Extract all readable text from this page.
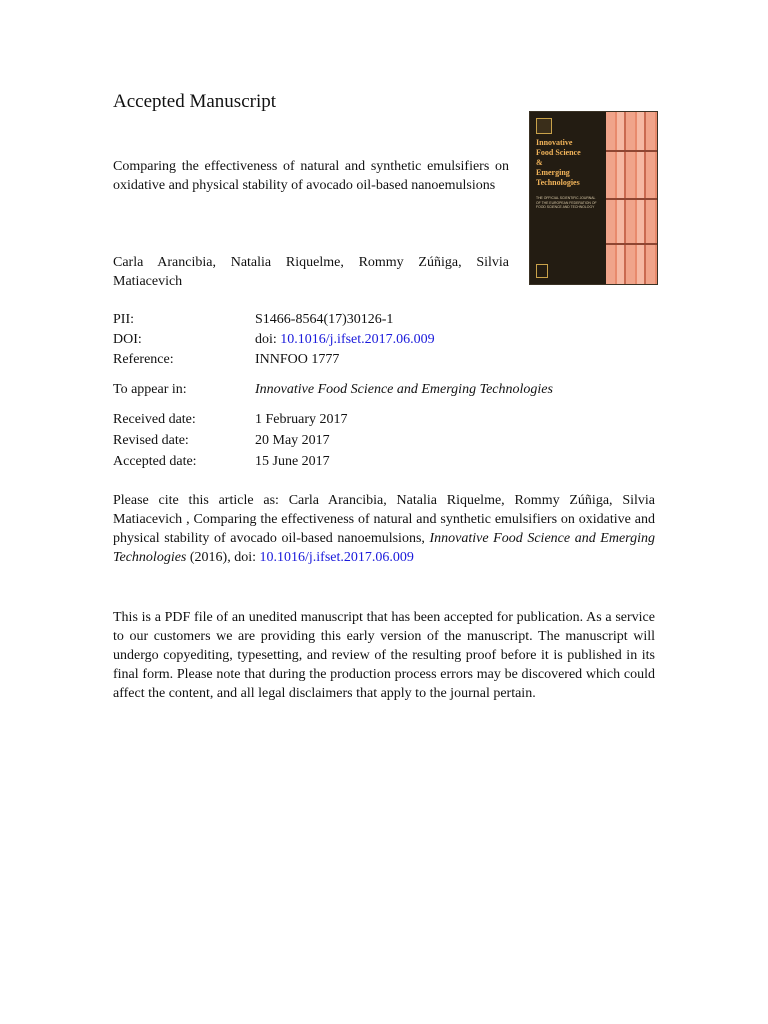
Accepted Manuscript

Comparing the effectiveness of natural and synthetic emulsifiers on oxidative and physical stability of avocado oil-based nanoemulsions

Carla Arancibia, Natalia Riquelme, Rommy Zúñiga, Silvia Matiacevich

Innovative
Food Science
&
Emerging
Technologies
THE OFFICIAL SCIENTIFIC JOURNAL OF THE EUROPEAN FEDERATION OF FOOD SCIENCE AND TECHNOLOGY
PII:	S1466-8564(17)30126-1
DOI:	doi: 10.1016/j.ifset.2017.06.009
Reference:	INNFOO 1777
To appear in:	Innovative Food Science and Emerging Technologies
Received date:	1 February 2017
Revised date:	20 May 2017
Accepted date:	15 June 2017

Please cite this article as: Carla Arancibia, Natalia Riquelme, Rommy Zúñiga, Silvia Matiacevich , Comparing the effectiveness of natural and synthetic emulsifiers on oxidative and physical stability of avocado oil-based nanoemulsions, Innovative Food Science and Emerging Technologies (2016), doi: 10.1016/j.ifset.2017.06.009

This is a PDF file of an unedited manuscript that has been accepted for publication. As a service to our customers we are providing this early version of the manuscript. The manuscript will undergo copyediting, typesetting, and review of the resulting proof before it is published in its final form. Please note that during the production process errors may be discovered which could affect the content, and all legal disclaimers that apply to the journal pertain.
